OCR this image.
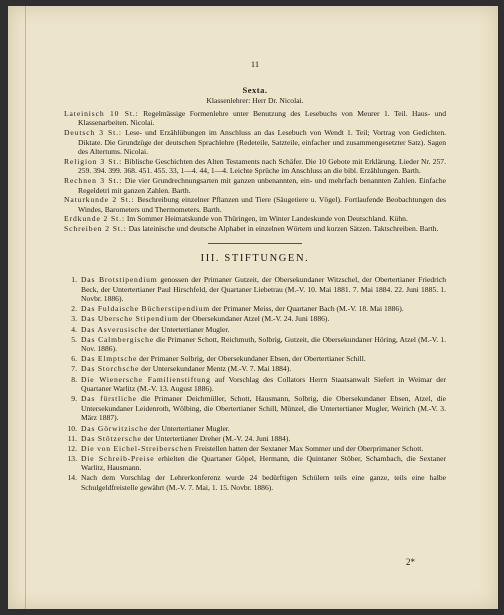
11
Sexta.
Klassenlehrer: Herr Dr. Nicolai.
Lateinisch 10 St.: Regelmässige Formenlehre unter Benutzung des Lesebuchs von Meurer 1. Teil. Haus- und Klassenarbeiten. Nicolai.
Deutsch 3 St.: Lese- und Erzählübungen im Anschluss an das Lesebuch von Wendt 1. Teil; Vortrag von Gedichten. Diktate. Die Grundzüge der deutschen Sprachlehre (Redeteile, Satzteile, einfacher und zusammengesetzter Satz). Sagen des Altertums. Nicolai.
Religion 3 St.: Biblische Geschichten des Alten Testaments nach Schäfer. Die 10 Gebote mit Erklärung. Lieder Nr. 257. 259. 394. 399. 368. 451. 455. 33, 1—4. 44, 1—4. Leichte Sprüche im Anschluss an die bibl. Erzählungen. Barth.
Rechnen 3 St.: Die vier Grundrechnungsarten mit ganzen unbenannten, ein- und mehrfach benannten Zahlen. Einfache Regeldetri mit ganzen Zahlen. Barth.
Naturkunde 2 St.: Beschreibung einzelner Pflanzen und Tiere (Säugetiere u. Vögel). Fortlaufende Beobachtungen des Windes, Barometers und Thermometers. Barth.
Erdkunde 2 St.: Im Sommer Heimatskunde von Thüringen, im Winter Landeskunde von Deutschland. Kühn.
Schreiben 2 St.: Das lateinische und deutsche Alphabet in einzelnen Wörtern und kurzen Sätzen. Taktschreiben. Barth.
III. STIFTUNGEN.
1. Das Brotstipendium genossen der Primaner Gutzeit, der Obersekundaner Witzschel, der Obertertianer Friedrich Beck, der Untertertianer Paul Hirschfeld, der Quartaner Liebetrau (M.-V. 10. Mai 1881. 7. Mai 1884. 22. Juni 1885. 1. Novbr. 1886).
2. Das Fuldaische Bücherstipendium der Primaner Meiss, der Quartaner Bach (M.-V. 18. Mai 1886).
3. Das Ubersche Stipendium der Obersekundaner Atzel (M.-V. 24. Juni 1886).
4. Das Asverusische der Untertertianer Mugler.
5. Das Calmbergische die Primaner Schott, Reichmuth, Solbrig, Gutzeit, die Obersekundaner Höring, Atzel (M.-V. 1. Nov. 1886).
6. Das Elmptsche der Primaner Solbrig, der Obersekundaner Ebsen, der Obertertianer Schill.
7. Das Storchsche der Untersekundaner Mentz (M.-V. 7. Mai 1884).
8. Die Wienersche Familienstiftung auf Vorschlag des Collators Herrn Staatsanwalt Siefert in Weimar der Quartaner Warlitz (M.-V. 13. August 1886).
9. Das fürstliche die Primaner Deichmüller, Schott, Hausmann, Solbrig, die Obersekundaner Ebsen, Atzel, die Untersekundaner Leidenroth, Wölbing, die Obertertianer Schill, Münzel, die Untertertianer Mugler, Weirich (M.-V. 3. März 1887).
10. Das Görwitzische der Untertertianer Mugler.
11. Das Stötzersche der Untertertianer Dreher (M.-V. 24. Juni 1884).
12. Die von Eichel-Streiberschen Freistellen hatten der Sextaner Max Sommer und der Oberprimaner Schott.
13. Die Schreib-Preise erhielten die Quartaner Göpel, Hermann, die Quintaner Stöber, Schambach, die Sextaner Warlitz, Hausmann.
14. Nach dem Vorschlag der Lehrerkonferenz wurde 24 bedürftigen Schülern teils eine ganze, teils eine halbe Schulgeldfreistelle gewährt (M.-V. 7. Mai, 1. 15. Novbr. 1886).
2*
